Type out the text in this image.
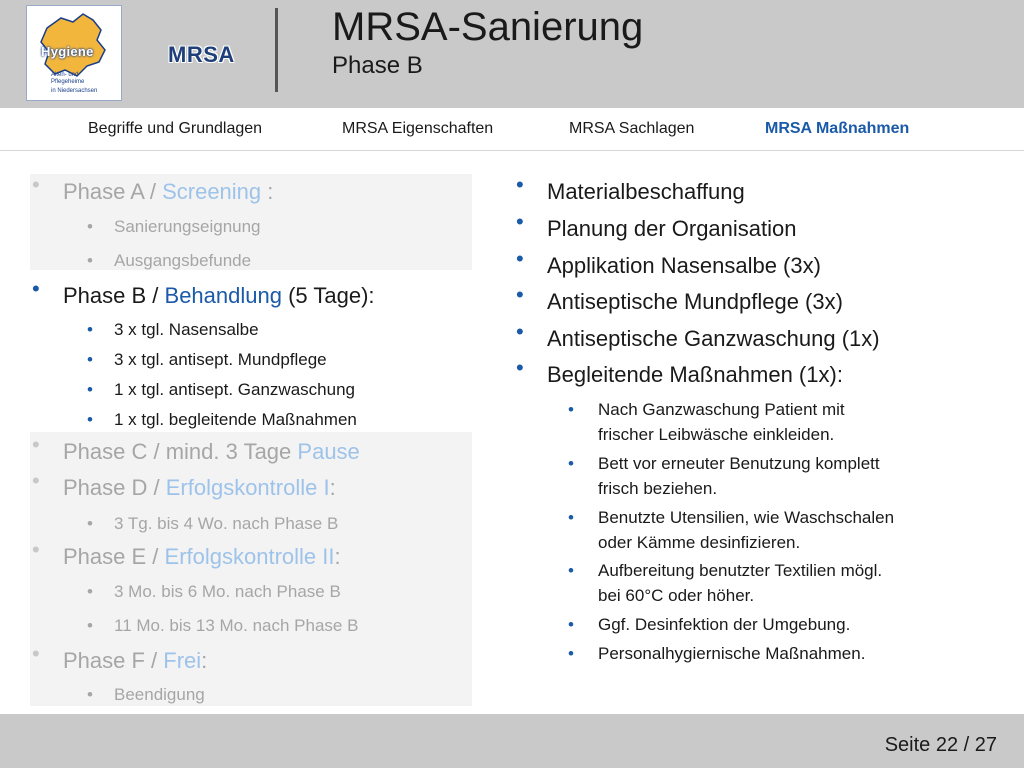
Hygiene
Alten- und
Pflegeheime
in Niedersachsen
MRSA
MRSA-Sanierung
Phase B
Begriffe und Grundlagen	MRSA Eigenschaften	MRSA Sachlagen	MRSA Maßnahmen
• Phase A / Screening :
• Sanierungseignung
• Ausgangsbefunde
• Phase B / Behandlung (5 Tage):
• 3 x tgl. Nasensalbe
• 3 x tgl. antisept. Mundpflege
• 1 x tgl. antisept. Ganzwaschung
• 1 x tgl. begleitende Maßnahmen
• Phase C / mind. 3 Tage Pause
• Phase D / Erfolgskontrolle I:
• 3 Tg. bis 4 Wo. nach Phase B
• Phase E / Erfolgskontrolle II:
• 3 Mo. bis 6 Mo. nach Phase B
• 11 Mo. bis 13 Mo. nach Phase B
• Phase F / Frei:
• Beendigung
• Materialbeschaffung
• Planung der Organisation
• Applikation Nasensalbe (3x)
• Antiseptische Mundpflege (3x)
• Antiseptische Ganzwaschung (1x)
• Begleitende Maßnahmen (1x):
• Nach Ganzwaschung Patient mit
frischer Leibwäsche einkleiden.
• Bett vor erneuter Benutzung komplett
frisch beziehen.
• Benutzte Utensilien, wie Waschschalen
oder Kämme desinfizieren.
• Aufbereitung benutzter Textilien mögl.
bei 60°C oder höher.
• Ggf. Desinfektion der Umgebung.
• Personalhygiernische Maßnahmen.
Seite 22 / 27
